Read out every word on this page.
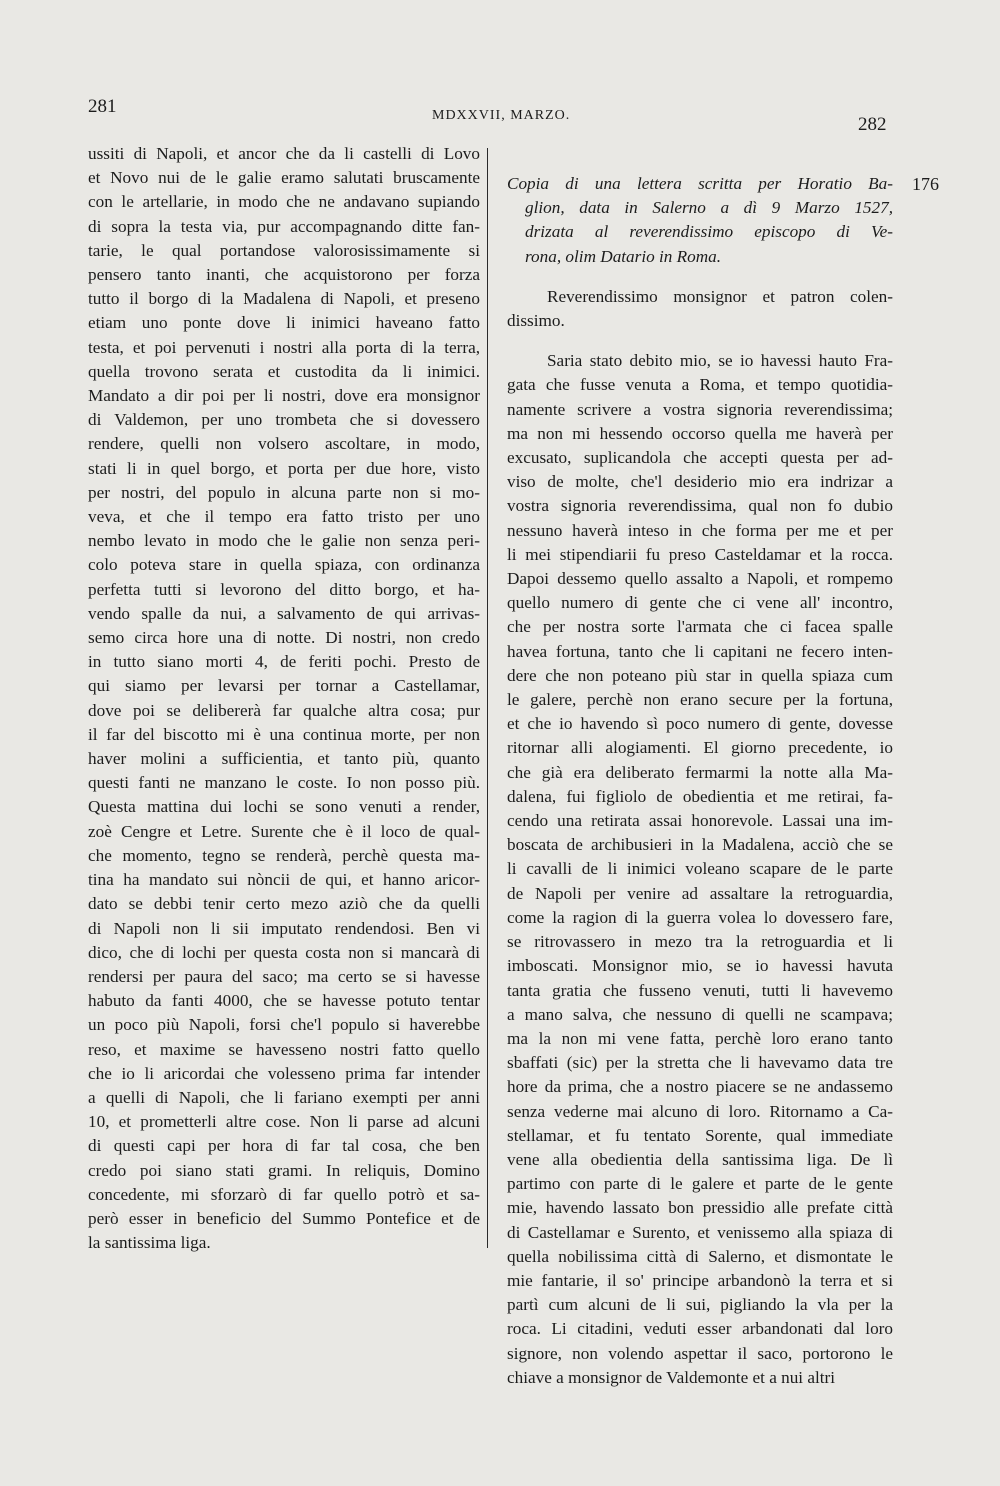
281	MDXXVII, MARZO.	282
176
ussiti di Napoli, et ancor che da li castelli di Lovo
et Novo nui de le galie eramo salutati bruscamente
con le artellarie, in modo che ne andavano supiando
di sopra la testa via, pur accompagnando ditte fan-
tarie, le qual portandose valorosissimamente si
pensero tanto inanti, che acquistorono per forza
tutto il borgo di la Madalena di Napoli, et preseno
etiam uno ponte dove li inimici haveano fatto
testa, et poi pervenuti i nostri alla porta di la terra,
quella trovono serata et custodita da li inimici.
Mandato a dir poi per li nostri, dove era monsignor
di Valdemon, per uno trombeta che si dovessero
rendere, quelli non volsero ascoltare, in modo,
stati li in quel borgo, et porta per due hore, visto
per nostri, del populo in alcuna parte non si mo-
veva, et che il tempo era fatto tristo per uno
nembo levato in modo che le galie non senza peri-
colo poteva stare in quella spiaza, con ordinanza
perfetta tutti si levorono del ditto borgo, et ha-
vendo spalle da nui, a salvamento de qui arrivas-
semo circa hore una di notte. Di nostri, non credo
in tutto siano morti 4, de feriti pochi. Presto de
qui siamo per levarsi per tornar a Castellamar,
dove poi se delibererà far qualche altra cosa; pur
il far del biscotto mi è una continua morte, per non
haver molini a sufficientia, et tanto più, quanto
questi fanti ne manzano le coste. Io non posso più.
Questa mattina dui lochi se sono venuti a render,
zoè Cengre et Letre. Surente che è il loco de qual-
che momento, tegno se renderà, perchè questa ma-
tina ha mandato sui nòncii de qui, et hanno aricor-
dato se debbi tenir certo mezo aziò che da quelli
di Napoli non li sii imputato rendendosi. Ben vi
dico, che di lochi per questa costa non si mancarà di
rendersi per paura del saco; ma certo se si havesse
habuto da fanti 4000, che se havesse potuto tentar
un poco più Napoli, forsi che'l populo si haverebbe
reso, et maxime se havesseno nostri fatto quello
che io li aricordai che volesseno prima far intender
a quelli di Napoli, che li fariano exempti per anni
10, et prometterli altre cose. Non li parse ad alcuni
di questi capi per hora di far tal cosa, che ben
credo poi siano stati grami. In reliquis, Domino
concedente, mi sforzarò di far quello potrò et sa-
però esser in beneficio del Summo Pontefice et de
la santissima liga.
Copia di una lettera scritta per Horatio Ba-
glion, data in Salerno a dì 9 Marzo 1527,
drizata al reverendissimo episcopo di Ve-
rona, olim Datario in Roma.
Reverendissimo monsignor et patron colen-
dissimo.
Saria stato debito mio, se io havessi hauto Fra-
gata che fusse venuta a Roma, et tempo quotidia-
namente scrivere a vostra signoria reverendissima;
ma non mi hessendo occorso quella me haverà per
excusato, suplicandola che accepti questa per ad-
viso de molte, che'l desiderio mio era indrizar a
vostra signoria reverendissima, qual non fo dubio
nessuno haverà inteso in che forma per me et per
li mei stipendiarii fu preso Casteldamar et la rocca.
Dapoi dessemo quello assalto a Napoli, et rompemo
quello numero di gente che ci vene all' incontro,
che per nostra sorte l'armata che ci facea spalle
havea fortuna, tanto che li capitani ne fecero inten-
dere che non poteano più star in quella spiaza cum
le galere, perchè non erano secure per la fortuna,
et che io havendo sì poco numero di gente, dovesse
ritornar alli alogiamenti. El giorno precedente, io
che già era deliberato fermarmi la notte alla Ma-
dalena, fui figliolo de obedientia et me retirai, fa-
cendo una retirata assai honorevole. Lassai una im-
boscata de archibusieri in la Madalena, acciò che se
li cavalli de li inimici voleano scapare de le parte
de Napoli per venire ad assaltare la retroguardia,
come la ragion di la guerra volea lo dovessero fare,
se ritrovassero in mezo tra la retroguardia et li
imboscati. Monsignor mio, se io havessi havuta
tanta gratia che fusseno venuti, tutti li havevemo
a mano salva, che nessuno di quelli ne scampava;
ma la non mi vene fatta, perchè loro erano tanto
sbaffati (sic) per la stretta che li havevamo data tre
hore da prima, che a nostro piacere se ne andassemo
senza vederne mai alcuno di loro. Ritornamo a Ca-
stellamar, et fu tentato Sorente, qual immediate
vene alla obedientia della santissima liga. De lì
partimo con parte di le galere et parte de le gente
mie, havendo lassato bon pressidio alle prefate città
di Castellamar e Surento, et venissemo alla spiaza di
quella nobilissima città di Salerno, et dismontate le
mie fantarie, il so' principe arbandonò la terra et si
partì cum alcuni de li sui, pigliando la vla per la
roca. Li citadini, veduti esser arbandonati dal loro
signore, non volendo aspettar il saco, portorono le
chiave a monsignor de Valdemonte et a nui altri
